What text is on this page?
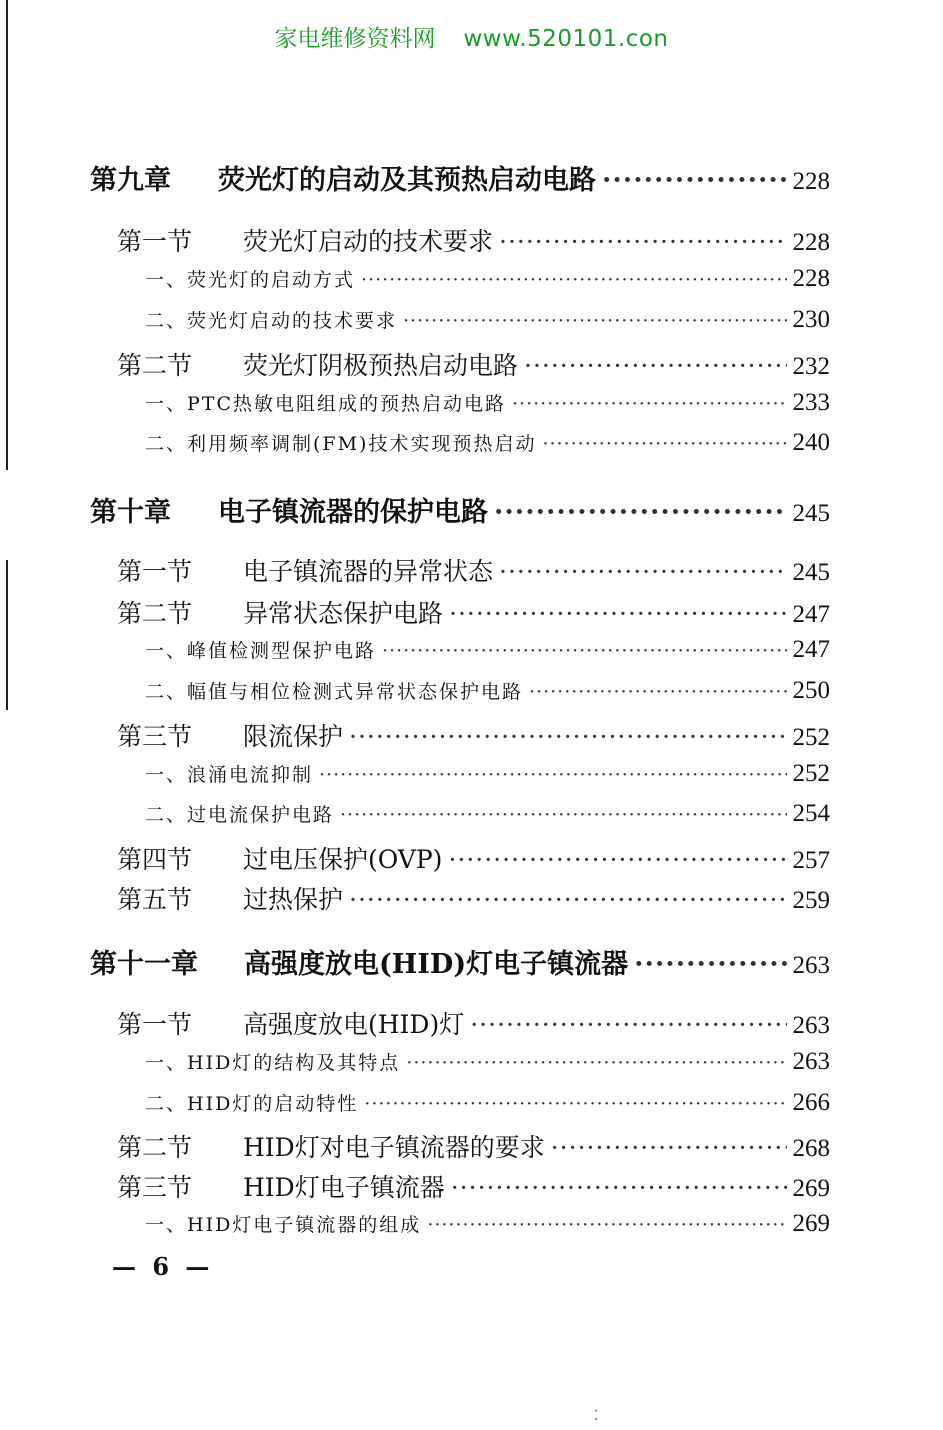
家电维修资料网 www.520101.con
第九章	荧光灯的启动及其预热启动电路 ·····	228
第一节	荧光灯启动的技术要求 ·····	228
一、荧光灯的启动方式 ·····	228
二、荧光灯启动的技术要求 ·····	230
第二节	荧光灯阴极预热启动电路 ·····	232
一、PTC热敏电阻组成的预热启动电路 ·····	233
二、利用频率调制(FM)技术实现预热启动 ·····	240
第十章	电子镇流器的保护电路 ·····	245
第一节	电子镇流器的异常状态 ·····	245
第二节	异常状态保护电路 ·····	247
一、峰值检测型保护电路 ·····	247
二、幅值与相位检测式异常状态保护电路 ·····	250
第三节	限流保护 ·····	252
一、浪涌电流抑制 ·····	252
二、过电流保护电路 ·····	254
第四节	过电压保护(OVP) ·····	257
第五节	过热保护 ·····	259
第十一章	高强度放电(HID)灯电子镇流器 ·····	263
第一节	高强度放电(HID)灯 ·····	263
一、HID灯的结构及其特点 ·····	263
二、HID灯的启动特性 ·····	266
第二节	HID灯对电子镇流器的要求 ·····	268
第三节	HID灯电子镇流器 ·····	269
一、HID灯电子镇流器的组成 ·····	269
— 6 —
⁚
